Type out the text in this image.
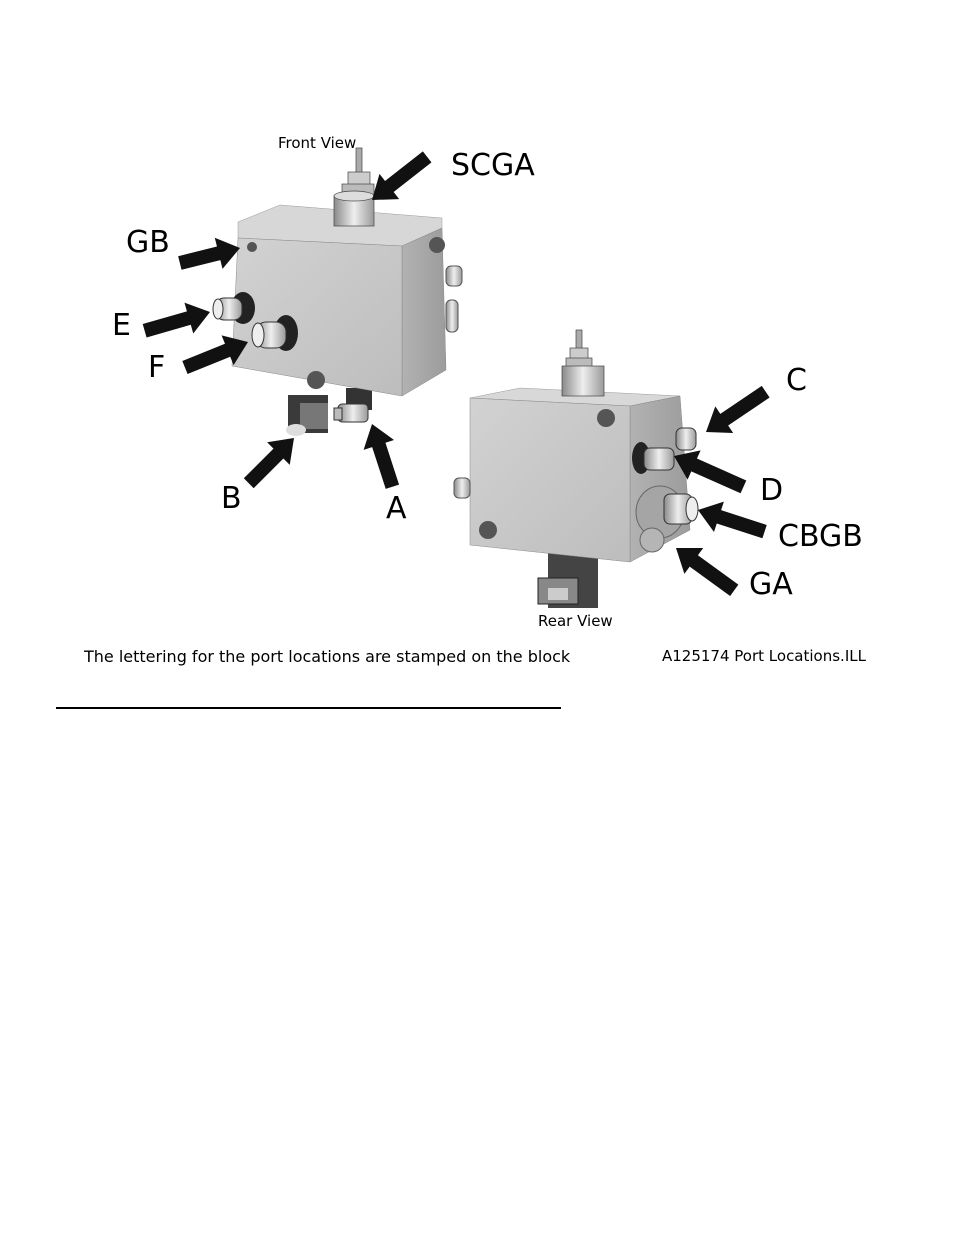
Front View
Rear View
SCGA
GB
E
F
B	A
C
D
CBGB
GA
The lettering for the port locations are stamped on the block	A125174 Port Locations.ILL
